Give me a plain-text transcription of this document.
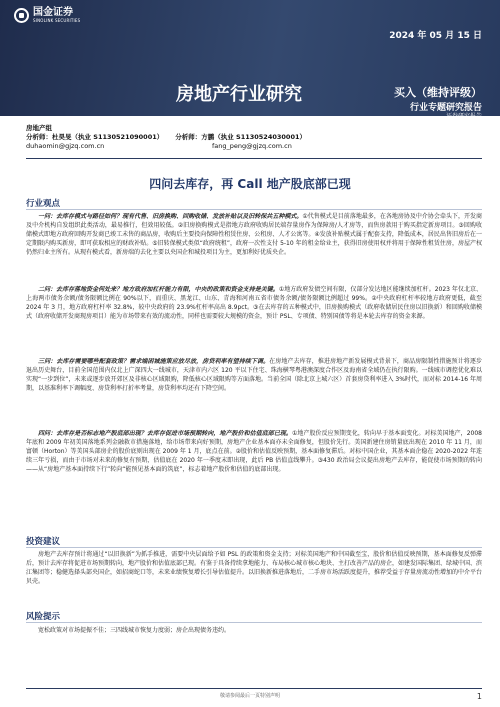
国金证券
SINOLINK SECURITIES
2024 年 05 月 15 日
房地产行业研究	买入（维持评级）
行业专题研究报告
证券研究报告
房地产组
分析师：杜昊旻（执业 S1130521090001） 分析师：方鹏（执业 S1130524030001）
duhaomin@gjzq.com.cn	fang_peng@gjzq.com.cn
四问去库存，再 Call 地产股底部已现
行业观点
一问：去库存模式与路径如何？现有代售、旧房换购、回购收储、发放补贴以及旧转保共五种模式。①代售模式是目前落地最多，在各地房协及中介协会牵头下，开发商及中介机构自发组织此类活动，最易推行，但效用较低。②旧房换购模式是指地方政府收购居民端存量房作为保障房/人才房等，而售房款用于购买指定新房项目。③回购收储模式即地方政府回购开发商已竣工未售的商品房，收购后主要投向保障性租赁住房、公租房、人才公寓等。④发放补贴模式属于配套支持，降低成本，居民出售旧房后在一定期限内购买新房，即可获取相应的财政补贴。⑤旧转保模式类似“政府统租”，政府一次性支付 5-10 年的租金给业主，获得旧房使用权并将用于保障性租赁住房，房屋产权仍然归业主所有。从现有模式看，新房端的去化主要以央国企和城投项目为主，更加利好优质央企。
二问：去库存落地资金何处来？地方政府加杠杆能力有限，中央的政策和资金支持是关键。①地方政府发债空间有限，仅部分发达地区能继续加杠杆。2023 年仅北京、上海两市债务余额/债务限额比例在 90%以下，而重庆、黑龙江、山东、青海和河南五省市债务余额/债务限额比例超过 99%。②中央政府杠杆率较地方政府更低，截至 2024 年 3 月，地方政府杠杆率 32.8%，较中央政府的 23.9%杠杆率高出 8.9pct。③在去库存的五种模式中，旧房换购模式（政府收储居民住房以旧换新）和回购收储模式（政府收储开发商现房项目）能为市场带来有效的流动性，同样也需要较大规模的资金，预计 PSL、专项债、特别国债等将是本轮去库存的资金来源。
三问：去库存需要哪些配套政策？需求端困城施策应放尽放，房贷利率有望持续下调。在房地产去库存，推进房地产新发展模式背景下，商品房限制性措施预计将逐步退出历史舞台，目前全国范围内仅北上广深四大一线城市，天津市内六区 120 平以下住宅、珠海横琴粤港澳深度合作区及海南省全域仍在执行限购。一线城市调控优化难以实现“一步到位”，未来或逐步放开郊区及非核心区域限购，降低核心区域限购等方面落地。当前全国（除北京上城六区）首套房贷利率进入 3%时代，而对标 2014-16 年周期，以基准利率下调幅度、房贷利率打折率考量，房贷利率均还有下降空间。
四问：去库存是否标志地产股底部出现？去库存促进市场预期转向，地产股价和估值底部已现。①地产股价反应预期变化，转向早于基本面变化。对标美国地产，2008 年底和 2009 年初美国落地系列金融救市措施落地，给市场带来向好预期，房地产企业基本面亦未全面修复，但股价先行。美国新建住房销量底出现在 2010 年 11 月，而富顿（Horton）等美国头部房企的股价底则出现在 2009 年 1 月，底点在前。②股价和估值反映预期，基本面修复滞后。对标中国企业，其基本面企稳在 2020-2022 年连续三年亏损，而由于市场对未来的修复有预期，估值底在 2020 年一季度末即出现，此后 PB 估值直线攀升。③430 政治局会议提出房地产去库存，能促使市场预期的转向——从“房地产基本面持续下行”转向“能预见基本面的筑底”，标志着地产股价和估值的底部出现。
投资建议
房地产去库存预计将通过“以旧换新”为抓手推进，需要中央层面给予如 PSL 的政策和资金支持；对标美国地产和中国截至宝，股价和估值反映预期，基本面修复反弹滞后，预计去库存将促进市场预期转向，地产股价和估值底部已现。有鉴于具备持续拿地能力、布局核心城市核心地块、主打改善产品的房企，如建发国际集团、绿城中国、滨江集团等；稳健选择头部央国企，如招商蛇口等，未来业绩恢复增长引导估值提升。以旧换新推进落地后，二手房市场活跃度提升，推荐受益于存量房流动性增加的中介平台贝壳。
风险提示
宽松政策对市场提振不佳；三四线城市恢复力度弱；房企出现债务违约。
敬请参阅最后一页特别声明	1
